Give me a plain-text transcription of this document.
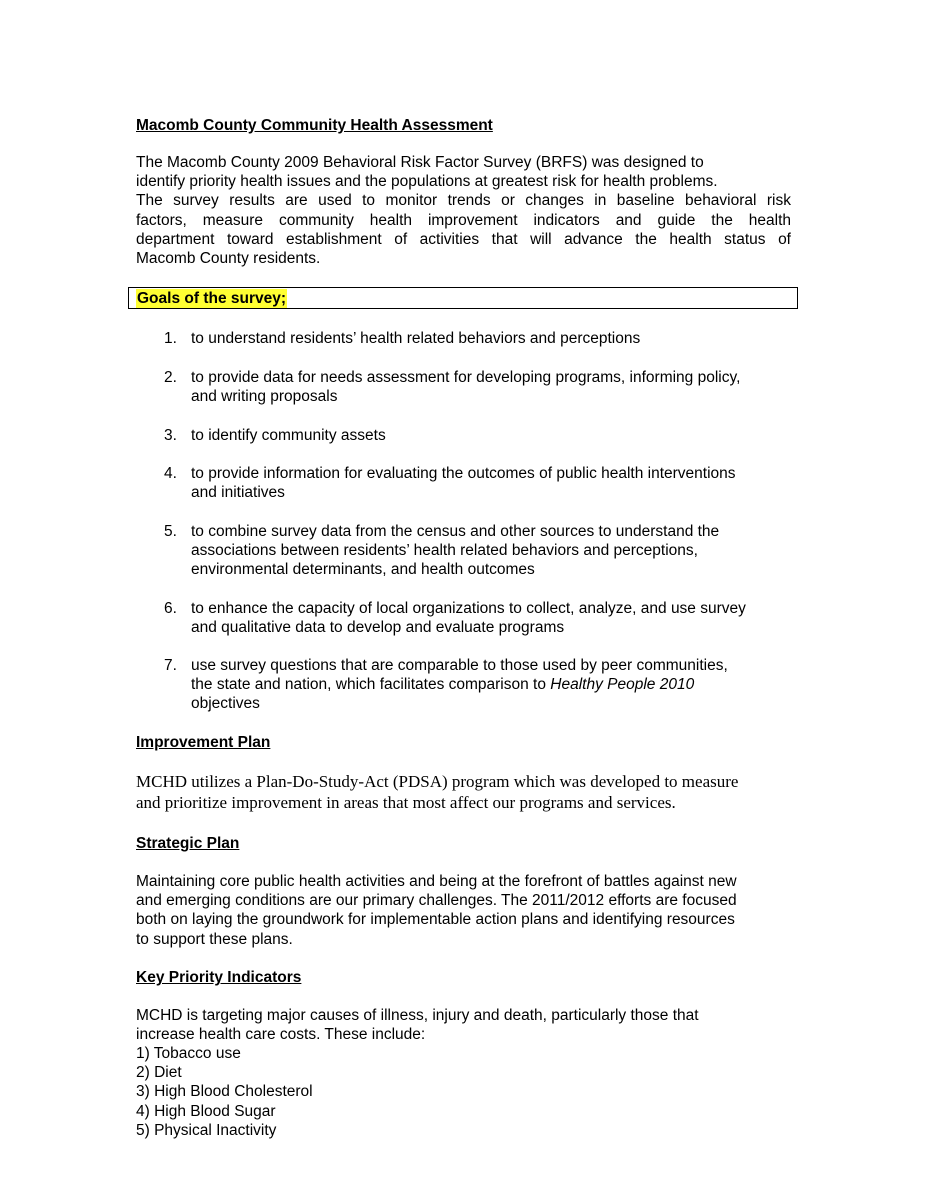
Macomb County Community Health Assessment
The Macomb County 2009 Behavioral Risk Factor Survey (BRFS) was designed to
identify priority health issues and the populations at greatest risk for health problems.
The survey results are used to monitor trends or changes in baseline behavioral risk
factors, measure community health improvement indicators and guide the health
department toward establishment of activities that will advance the health status of
Macomb County residents.
Goals of the survey;
1. to understand residents’ health related behaviors and perceptions
2. to provide data for needs assessment for developing programs, informing policy,
and writing proposals
3. to identify community assets
4. to provide information for evaluating the outcomes of public health interventions
and initiatives
5. to combine survey data from the census and other sources to understand the
associations between residents’ health related behaviors and perceptions,
environmental determinants, and health outcomes
6. to enhance the capacity of local organizations to collect, analyze, and use survey
and qualitative data to develop and evaluate programs
7. use survey questions that are comparable to those used by peer communities,
the state and nation, which facilitates comparison to Healthy People 2010
objectives
Improvement Plan
MCHD utilizes a Plan-Do-Study-Act (PDSA) program which was developed to measure
and prioritize improvement in areas that most affect our programs and services.
Strategic Plan
Maintaining core public health activities and being at the forefront of battles against new
and emerging conditions are our primary challenges. The 2011/2012 efforts are focused
both on laying the groundwork for implementable action plans and identifying resources
to support these plans.
Key Priority Indicators
MCHD is targeting major causes of illness, injury and death, particularly those that
increase health care costs. These include:
1) Tobacco use
2) Diet
3) High Blood Cholesterol
4) High Blood Sugar
5) Physical Inactivity
